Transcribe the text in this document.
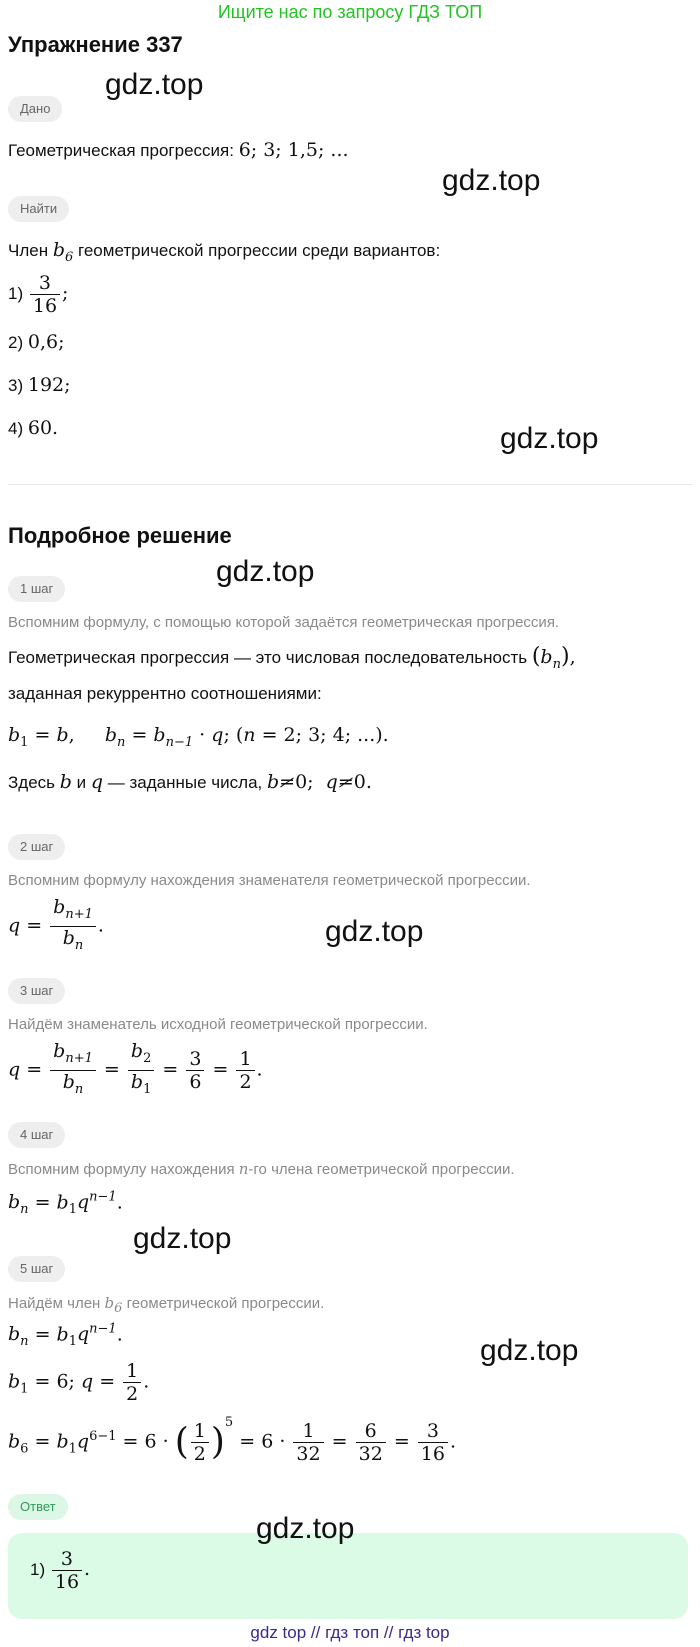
Ищите нас по запросу ГДЗ ТОП
Упражнение 337
Дано
Геометрическая прогрессия: 6; 3; 1,5; ...
Найти
Член $b_6$ геометрической прогрессии среди вариантов:
$1) \frac{3}{16}$ ;
2) 0,6;
3) 192;
4) 60.
Подробное решение
1 шаг
Вспомним формулу, с помощью которой задаётся геометрическая прогрессия.
Геометрическая прогрессия — это числовая последовательность $(b_n)$,
заданная рекуррентно соотношениями:
$b_1 = b$,     $b_n = b_{n-1} \cdot q$; (n = 2; 3; 4; ...).
Здесь b и q — заданные числа, b=0;  q=0.
2 шаг
Вспомним формулу нахождения знаменателя геометрической прогрессии.
$q = \frac{b_{n+1}}{b_n}$ .
3 шаг
Найдём знаменатель исходной геометрической прогрессии.
$q = \frac{b_{n+1}}{b_n} = \frac{b_2}{b_1} = \frac{3}{6} = \frac{1}{2}$ .
4 шаг
Вспомним формулу нахождения n-го члена геометрической прогрессии.
$b_n = b_1q^{n-1}$.
5 шаг
Найдём член $b_6$ геометрической прогрессии.
$b_n = b_1q^{n-1}$.
$b_1 = 6$; $q = \frac{1}{2}$ .
$b_6 = b_1q^{6-1} = 6$ · ( $\frac{1}{2} )^5 = 6 \cdot \frac{1}{32} = \frac{6}{32} = \frac{3}{16}$ .
Ответ
$1) \frac{3}{16}$ .
gdz.top
gdz.top
gdz.top
gdz.top
gdz.top
gdz.top
gdz.top
gdz.top
gdz top // гдз топ // гдз top
